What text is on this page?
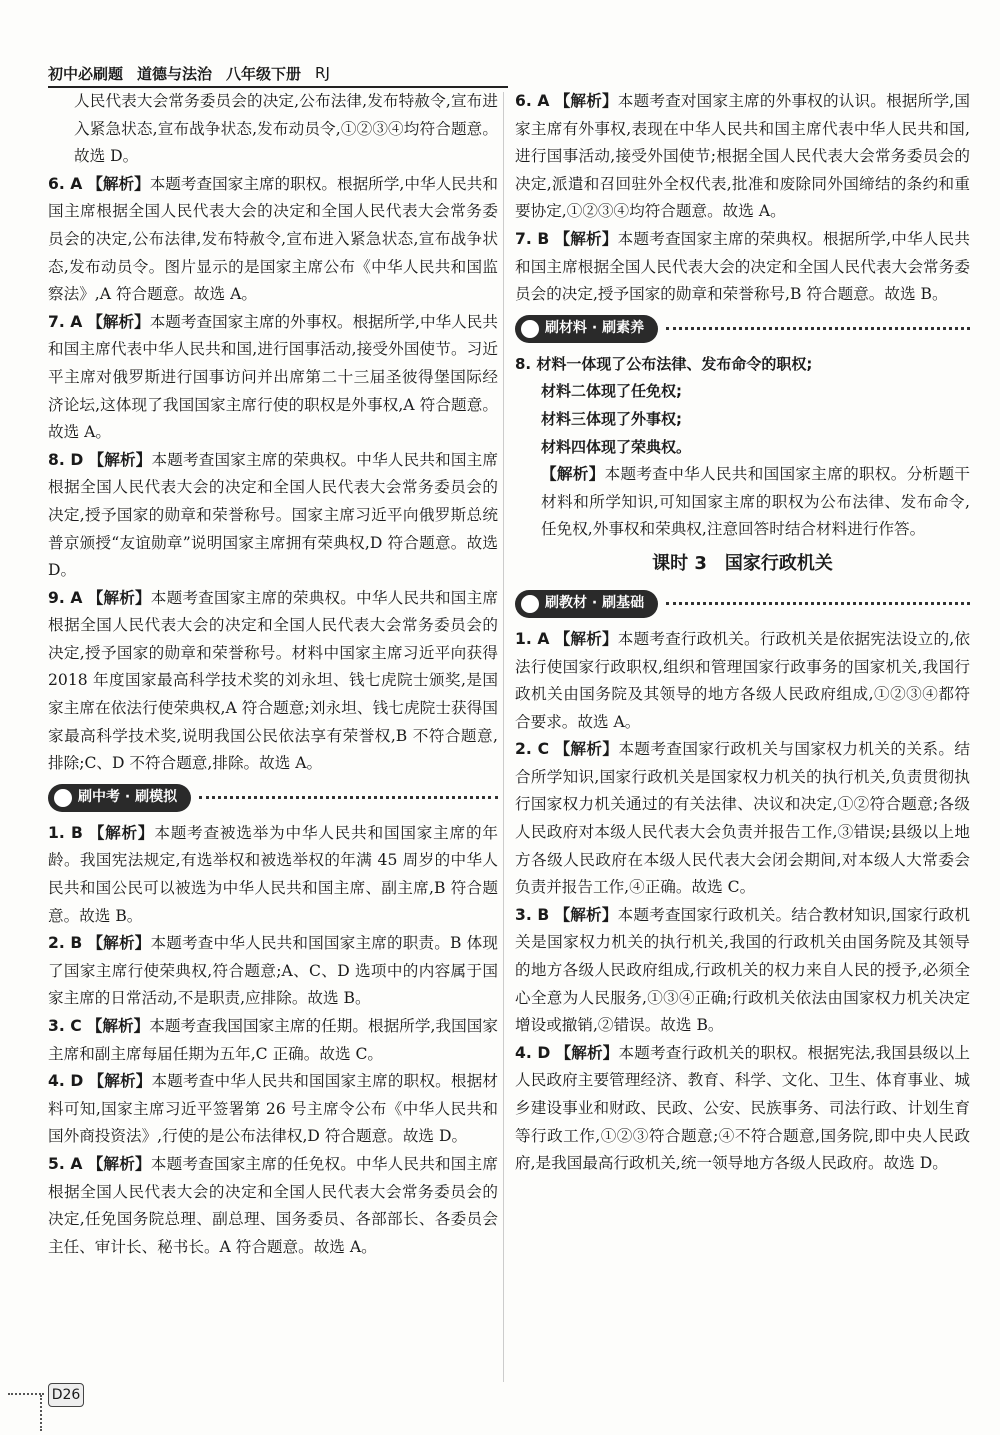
初中必刷题 道德与法治 八年级下册 RJ

人民代表大会常务委员会的决定,公布法律,发布特赦令,宣布进入紧急状态,宣布战争状态,发布动员令,①②③④均符合题意。故选 D。

6. A 【解析】本题考查国家主席的职权。根据所学,中华人民共和国主席根据全国人民代表大会的决定和全国人民代表大会常务委员会的决定,公布法律,发布特赦令,宣布进入紧急状态,宣布战争状态,发布动员令。图片显示的是国家主席公布《中华人民共和国监察法》,A 符合题意。故选 A。

7. A 【解析】本题考查国家主席的外事权。根据所学,中华人民共和国主席代表中华人民共和国,进行国事活动,接受外国使节。习近平主席对俄罗斯进行国事访问并出席第二十三届圣彼得堡国际经济论坛,这体现了我国国家主席行使的职权是外事权,A 符合题意。故选 A。

8. D 【解析】本题考查国家主席的荣典权。中华人民共和国主席根据全国人民代表大会的决定和全国人民代表大会常务委员会的决定,授予国家的勋章和荣誉称号。国家主席习近平向俄罗斯总统普京颁授“友谊勋章”说明国家主席拥有荣典权,D 符合题意。故选 D。

9. A 【解析】本题考查国家主席的荣典权。中华人民共和国主席根据全国人民代表大会的决定和全国人民代表大会常务委员会的决定,授予国家的勋章和荣誉称号。材料中国家主席习近平向获得 2018 年度国家最高科学技术奖的刘永坦、钱七虎院士颁奖,是国家主席在依法行使荣典权,A 符合题意;刘永坦、钱七虎院士获得国家最高科学技术奖,说明我国公民依法享有荣誉权,B 不符合题意,排除;C、D 不符合题意,排除。故选 A。

刷中考 · 刷模拟

1. B 【解析】本题考查被选举为中华人民共和国国家主席的年龄。我国宪法规定,有选举权和被选举权的年满 45 周岁的中华人民共和国公民可以被选为中华人民共和国主席、副主席,B 符合题意。故选 B。

2. B 【解析】本题考查中华人民共和国国家主席的职责。B 体现了国家主席行使荣典权,符合题意;A、C、D 选项中的内容属于国家主席的日常活动,不是职责,应排除。故选 B。

3. C 【解析】本题考查我国国家主席的任期。根据所学,我国国家主席和副主席每届任期为五年,C 正确。故选 C。

4. D 【解析】本题考查中华人民共和国国家主席的职权。根据材料可知,国家主席习近平签署第 26 号主席令公布《中华人民共和国外商投资法》,行使的是公布法律权,D 符合题意。故选 D。

5. A 【解析】本题考查国家主席的任免权。中华人民共和国主席根据全国人民代表大会的决定和全国人民代表大会常务委员会的决定,任免国务院总理、副总理、国务委员、各部部长、各委员会主任、审计长、秘书长。A 符合题意。故选 A。

6. A 【解析】本题考查对国家主席的外事权的认识。根据所学,国家主席有外事权,表现在中华人民共和国主席代表中华人民共和国,进行国事活动,接受外国使节;根据全国人民代表大会常务委员会的决定,派遣和召回驻外全权代表,批准和废除同外国缔结的条约和重要协定,①②③④均符合题意。故选 A。

7. B 【解析】本题考查国家主席的荣典权。根据所学,中华人民共和国主席根据全国人民代表大会的决定和全国人民代表大会常务委员会的决定,授予国家的勋章和荣誉称号,B 符合题意。故选 B。

刷材料 · 刷素养

8. 材料一体现了公布法律、发布命令的职权;

材料二体现了任免权;

材料三体现了外事权;

材料四体现了荣典权。

【解析】本题考查中华人民共和国国家主席的职权。分析题干材料和所学知识,可知国家主席的职权为公布法律、发布命令,任免权,外事权和荣典权,注意回答时结合材料进行作答。

课时 3　国家行政机关
刷教材 · 刷基础

1. A 【解析】本题考查行政机关。行政机关是依据宪法设立的,依法行使国家行政职权,组织和管理国家行政事务的国家机关,我国行政机关由国务院及其领导的地方各级人民政府组成,①②③④都符合要求。故选 A。

2. C 【解析】本题考查国家行政机关与国家权力机关的关系。结合所学知识,国家行政机关是国家权力机关的执行机关,负责贯彻执行国家权力机关通过的有关法律、决议和决定,①②符合题意;各级人民政府对本级人民代表大会负责并报告工作,③错误;县级以上地方各级人民政府在本级人民代表大会闭会期间,对本级人大常委会负责并报告工作,④正确。故选 C。

3. B 【解析】本题考查国家行政机关。结合教材知识,国家行政机关是国家权力机关的执行机关,我国的行政机关由国务院及其领导的地方各级人民政府组成,行政机关的权力来自人民的授予,必须全心全意为人民服务,①③④正确;行政机关依法由国家权力机关决定增设或撤销,②错误。故选 B。

4. D 【解析】本题考查行政机关的职权。根据宪法,我国县级以上人民政府主要管理经济、教育、科学、文化、卫生、体育事业、城乡建设事业和财政、民政、公安、民族事务、司法行政、计划生育等行政工作,①②③符合题意;④不符合题意,国务院,即中央人民政府,是我国最高行政机关,统一领导地方各级人民政府。故选 D。

D26
